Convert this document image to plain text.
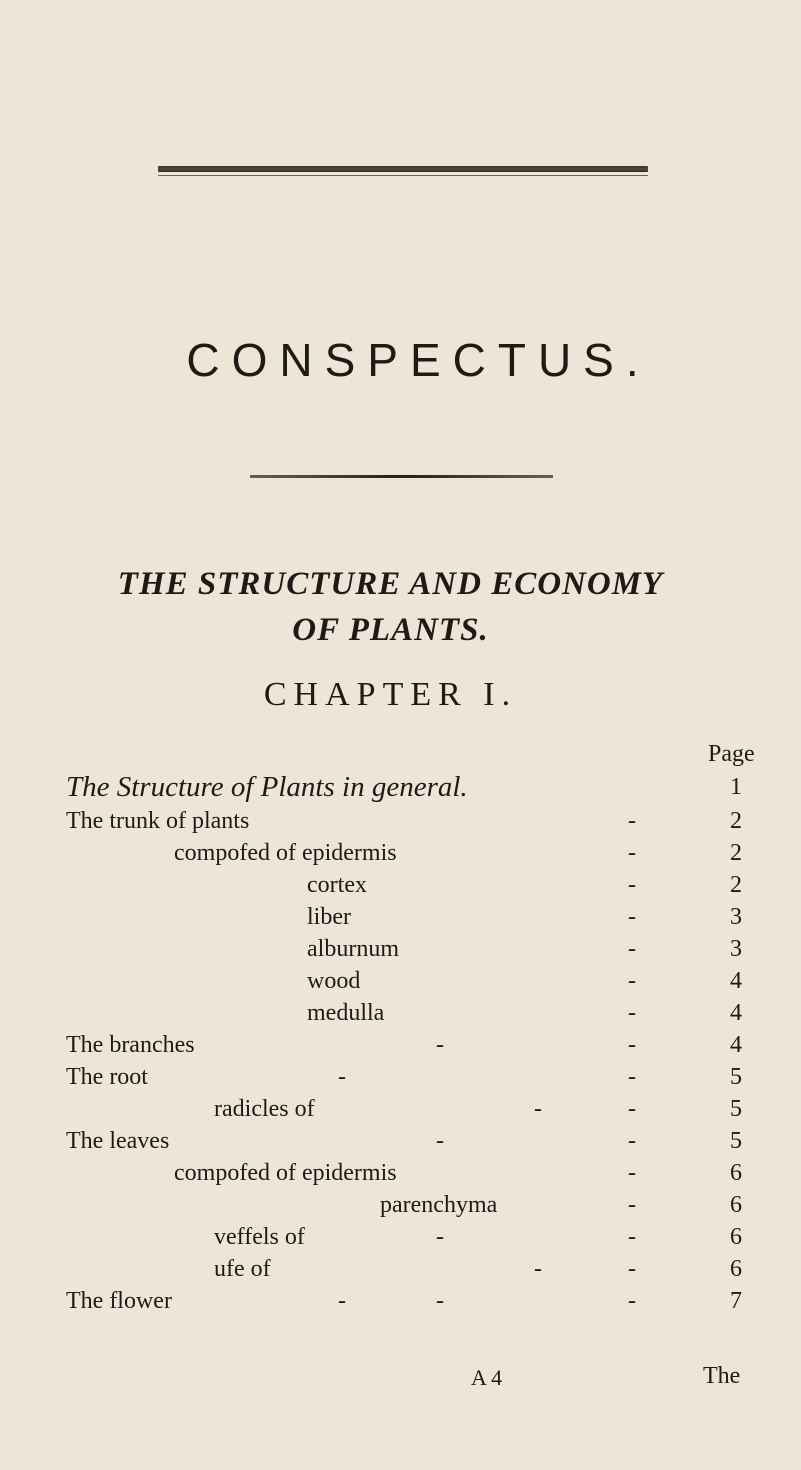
CONSPECTUS.
THE STRUCTURE AND ECONOMY
OF PLANTS.
CHAPTER I.
Page
The Structure of Plants in general.	1
The trunk of plants	-	2
compofed of epidermis	-	2
cortex	-	2
liber	-	3
alburnum	-	3
wood	-	4
medulla	-	4
The branches	-	-	4
The root	-	-	5
radicles of	-	-	5
The leaves	-	-	5
compofed of epidermis	-	6
parenchyma	-	6
veffels of	-	-	6
ufe of	-	-	6
The flower	-	-	-	7
A 4	The
